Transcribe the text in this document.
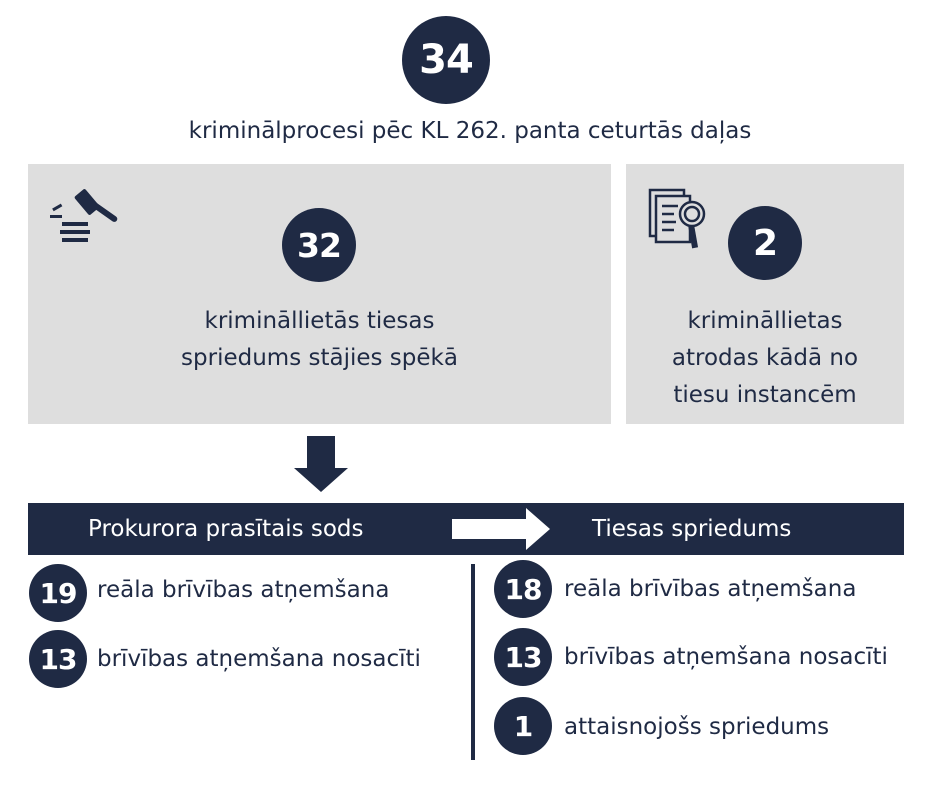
34
kriminālprocesi pēc KL 262. panta ceturtās daļas
32
krimināllietās tiesas
spriedums stājies spēkā
2
krimināllietas
atrodas kādā no
tiesu instancēm
Prokurora prasītais sods	Tiesas spriedums
19 reāla brīvības atņemšana
13 brīvības atņemšana nosacīti
18 reāla brīvības atņemšana
13 brīvības atņemšana nosacīti
1	attaisnojošs spriedums
